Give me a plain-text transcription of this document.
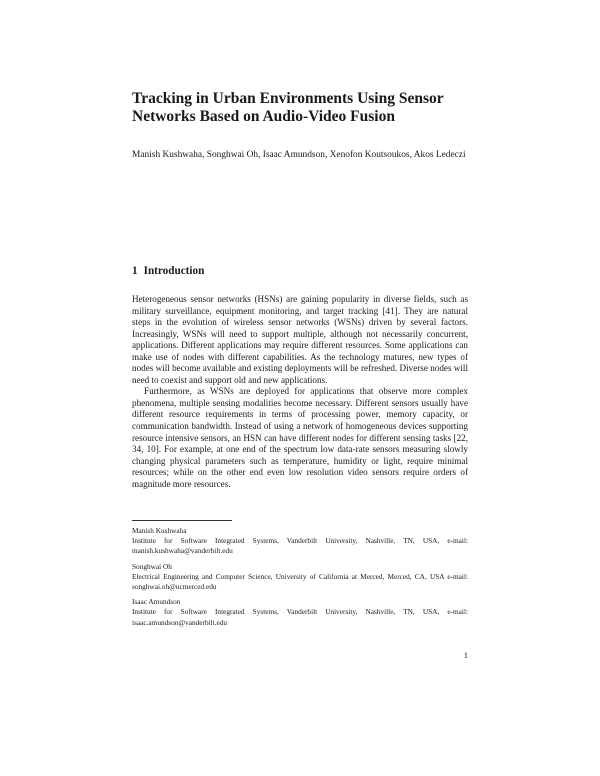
Tracking in Urban Environments Using Sensor Networks Based on Audio-Video Fusion
Manish Kushwaha, Songhwai Oh, Isaac Amundson, Xenofon Koutsoukos, Akos Ledeczi
1 Introduction

Heterogeneous sensor networks (HSNs) are gaining popularity in diverse fields, such as military surveillance, equipment monitoring, and target tracking [41]. They are natural steps in the evolution of wireless sensor networks (WSNs) driven by several factors. Increasingly, WSNs will need to support multiple, although not necessarily concurrent, applications. Different applications may require different resources. Some applications can make use of nodes with different capabilities. As the technology matures, new types of nodes will become available and existing deployments will be refreshed. Diverse nodes will need to coexist and support old and new applications.

Furthermore, as WSNs are deployed for applications that observe more complex phenomena, multiple sensing modalities become necessary. Different sensors usually have different resource requirements in terms of processing power, memory capacity, or communication bandwidth. Instead of using a network of homogeneous devices supporting resource intensive sensors, an HSN can have different nodes for different sensing tasks [22, 34, 10]. For example, at one end of the spectrum low data-rate sensors measuring slowly changing physical parameters such as temperature, humidity or light, require minimal resources; while on the other end even low resolution video sensors require orders of magnitude more resources.

Manish Kushwaha
Institute for Software Integrated Systems, Vanderbilt University, Nashville, TN, USA, e-mail: manish.kushwaha@vanderbilt.edu
Songhwai Oh
Electrical Engineering and Computer Science, University of California at Merced, Merced, CA, USA e-mail: songhwai.oh@ucmerced.edu
Isaac Amundson
Institute for Software Integrated Systems, Vanderbilt University, Nashville, TN, USA, e-mail: isaac.amundson@vanderbilt.edu
1
